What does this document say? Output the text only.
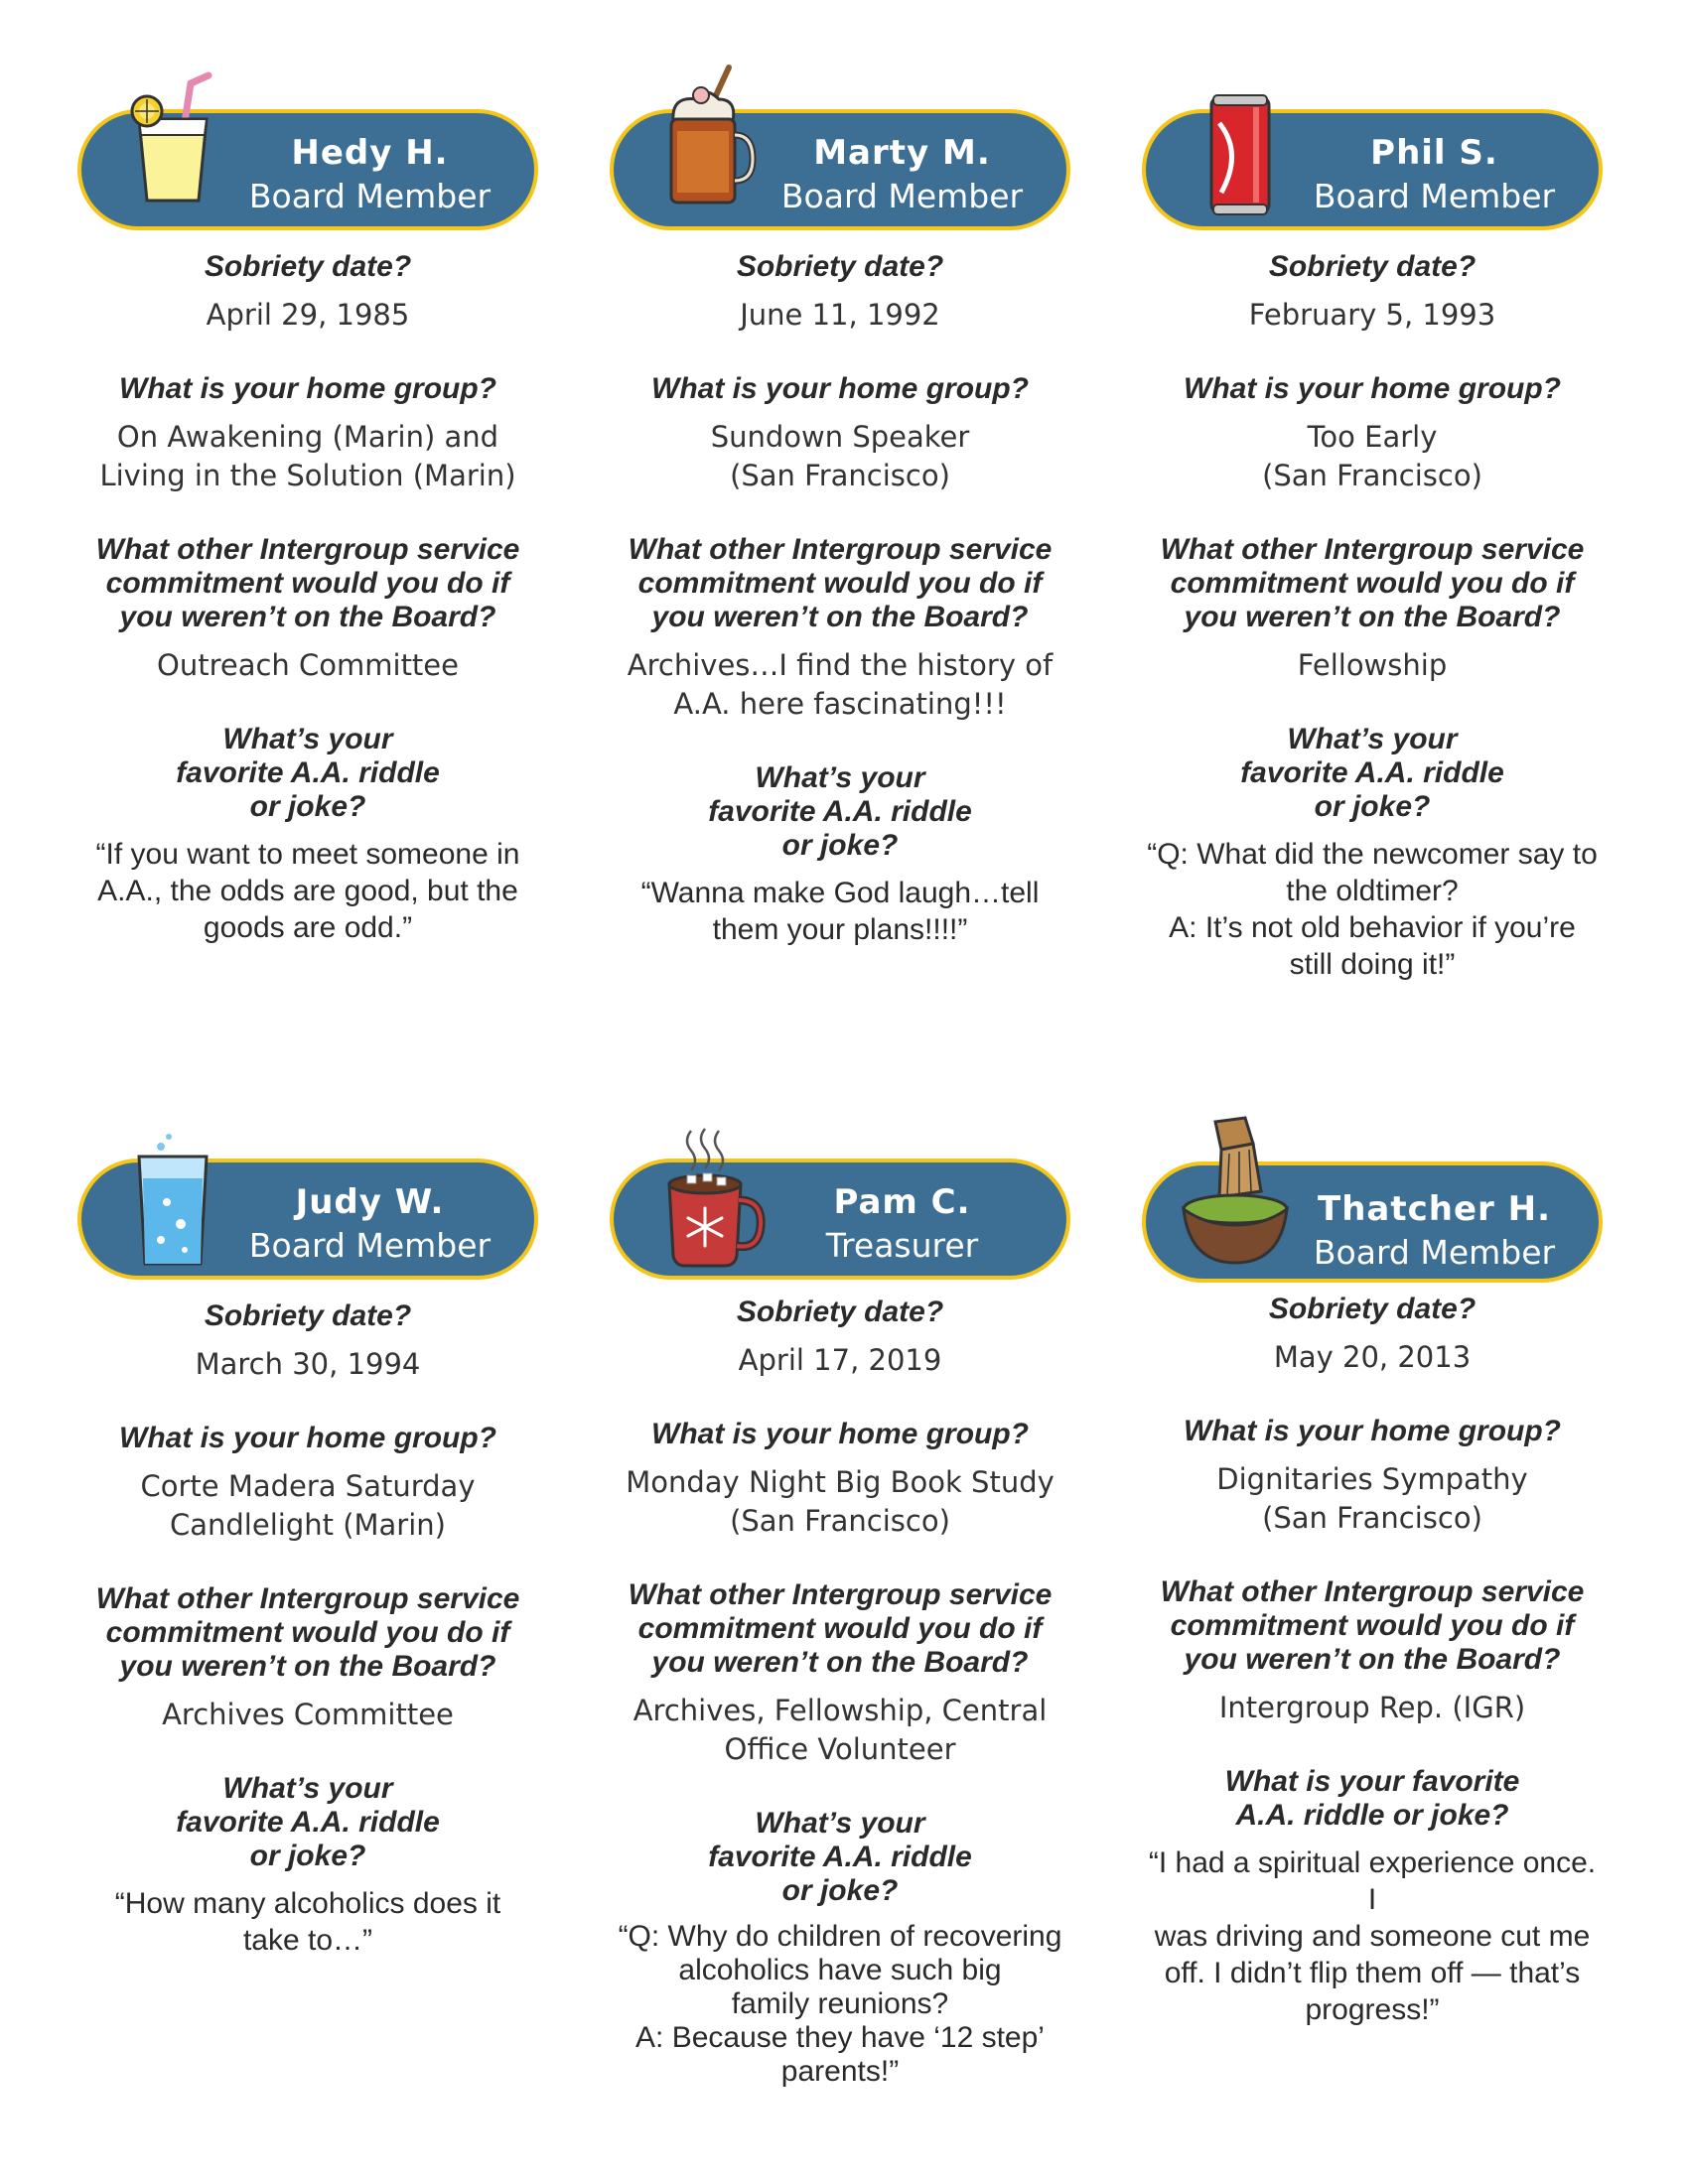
Hedy H.
Board Member

Sobriety date?

April 29, 1985

What is your home group?

On Awakening (Marin) and
Living in the Solution (Marin)

What other Intergroup service commitment would you do if you weren’t on the Board?

Outreach Committee

What’s your favorite A.A. riddle or joke?

“If you want to meet someone in
A.A., the odds are good, but the
goods are odd.”

Marty M.
Board Member

Sobriety date?

June 11, 1992

What is your home group?

Sundown Speaker
(San Francisco)

What other Intergroup service commitment would you do if you weren’t on the Board?

Archives…I find the history of
A.A. here fascinating!!!

What’s your favorite A.A. riddle or joke?

“Wanna make God laugh…tell
them your plans!!!!”

Phil S.
Board Member

Sobriety date?

February 5, 1993

What is your home group?

Too Early
(San Francisco)

What other Intergroup service commitment would you do if you weren’t on the Board?

Fellowship

What’s your favorite A.A. riddle or joke?

“Q: What did the newcomer say to
the oldtimer?
A: It’s not old behavior if you’re
still doing it!”

Judy W.
Board Member

Sobriety date?

March 30, 1994

What is your home group?

Corte Madera Saturday
Candlelight (Marin)

What other Intergroup service commitment would you do if you weren’t on the Board?

Archives Committee

What’s your favorite A.A. riddle or joke?

“How many alcoholics does it
take to…”

Pam C.
Treasurer

Sobriety date?

April 17, 2019

What is your home group?

Monday Night Big Book Study
(San Francisco)

What other Intergroup service commitment would you do if you weren’t on the Board?

Archives, Fellowship, Central
Office Volunteer

What’s your favorite A.A. riddle or joke?

“Q: Why do children of recovering
alcoholics have such big
family reunions?
A: Because they have ‘12 step’
parents!”

Thatcher H.
Board Member

Sobriety date?

May 20, 2013

What is your home group?

Dignitaries Sympathy
(San Francisco)

What other Intergroup service commitment would you do if you weren’t on the Board?

Intergroup Rep. (IGR)

What is your favorite A.A. riddle or joke?

“I had a spiritual experience once. I
was driving and someone cut me
off. I didn’t flip them off — that’s
progress!”
